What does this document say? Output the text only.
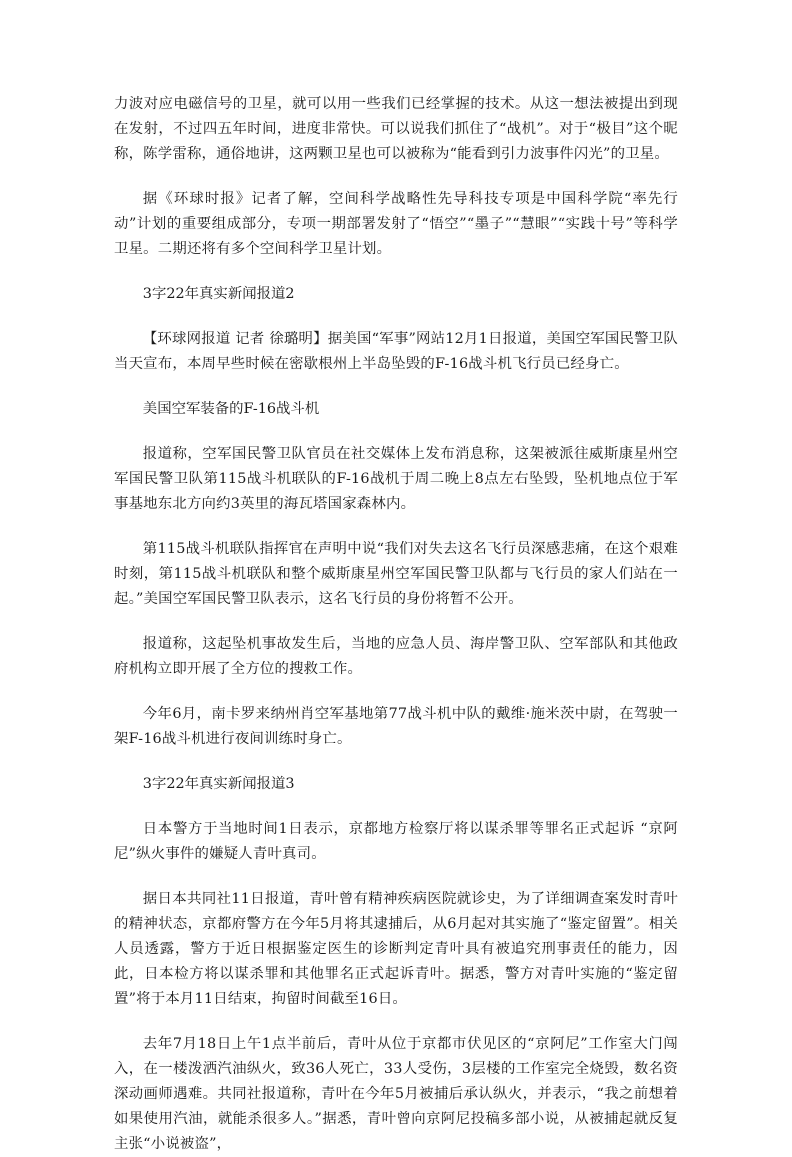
力波对应电磁信号的卫星，就可以用一些我们已经掌握的技术。从这一想法被提出到现在发射，不过四五年时间，进度非常快。可以说我们抓住了“战机”。对于“极目”这个昵称，陈学雷称，通俗地讲，这两颗卫星也可以被称为“能看到引力波事件闪光”的卫星。

据《环球时报》记者了解，空间科学战略性先导科技专项是中国科学院“率先行动”计划的重要组成部分，专项一期部署发射了“悟空”“墨子”“慧眼”“实践十号”等科学卫星。二期还将有多个空间科学卫星计划。

3字22年真实新闻报道2

【环球网报道 记者 徐璐明】据美国“军事”网站12月1日报道，美国空军国民警卫队当天宣布，本周早些时候在密歇根州上半岛坠毁的F-16战斗机飞行员已经身亡。

美国空军装备的F-16战斗机

报道称，空军国民警卫队官员在社交媒体上发布消息称，这架被派往威斯康星州空军国民警卫队第115战斗机联队的F-16战机于周二晚上8点左右坠毁，坠机地点位于军事基地东北方向约3英里的海瓦塔国家森林内。

第115战斗机联队指挥官在声明中说“我们对失去这名飞行员深感悲痛，在这个艰难时刻，第115战斗机联队和整个威斯康星州空军国民警卫队都与飞行员的家人们站在一起。”美国空军国民警卫队表示，这名飞行员的身份将暂不公开。

报道称，这起坠机事故发生后，当地的应急人员、海岸警卫队、空军部队和其他政府机构立即开展了全方位的搜救工作。

今年6月，南卡罗来纳州肖空军基地第77战斗机中队的戴维·施米茨中尉，在驾驶一架F-16战斗机进行夜间训练时身亡。

3字22年真实新闻报道3

日本警方于当地时间1日表示，京都地方检察厅将以谋杀罪等罪名正式起诉 “京阿尼”纵火事件的嫌疑人青叶真司。

据日本共同社11日报道，青叶曾有精神疾病医院就诊史，为了详细调查案发时青叶的精神状态，京都府警方在今年5月将其逮捕后，从6月起对其实施了“鉴定留置”。相关人员透露，警方于近日根据鉴定医生的诊断判定青叶具有被追究刑事责任的能力，因此，日本检方将以谋杀罪和其他罪名正式起诉青叶。据悉，警方对青叶实施的“鉴定留置”将于本月11日结束，拘留时间截至16日。

去年7月18日上午1点半前后，青叶从位于京都市伏见区的“京阿尼”工作室大门闯入，在一楼泼洒汽油纵火，致36人死亡，33人受伤，3层楼的工作室完全烧毁，数名资深动画师遇难。共同社报道称，青叶在今年5月被捕后承认纵火，并表示，“我之前想着如果使用汽油，就能杀很多人。”据悉，青叶曾向京阿尼投稿多部小说，从被捕起就反复主张“小说被盗”，
